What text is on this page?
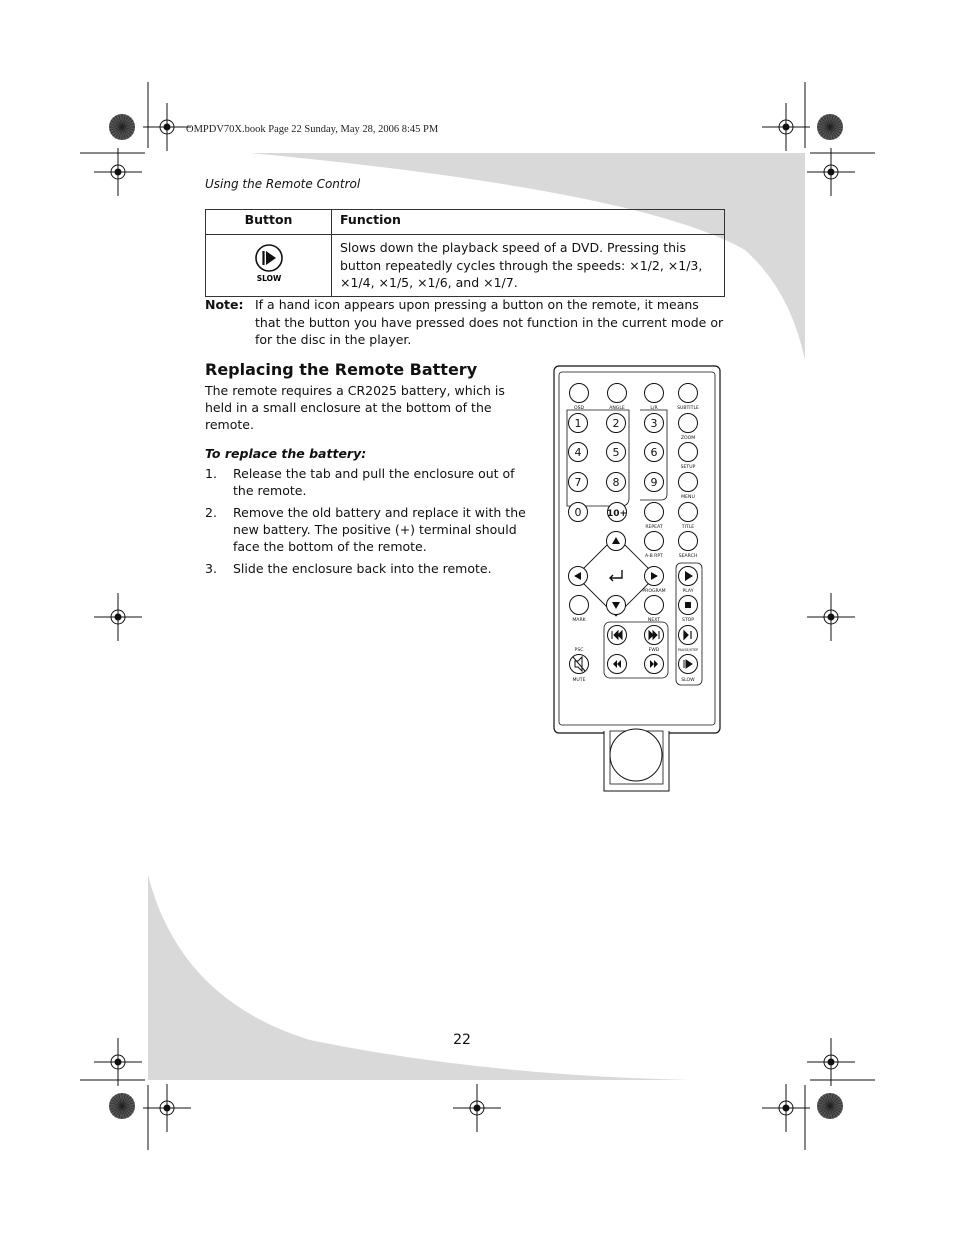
OMPDV70X.book Page 22 Sunday, May 28, 2006 8:45 PM
Using the Remote Control
Button	Function

SLOW	Slows down the playback speed of a DVD. Pressing this button repeatedly cycles through the speeds: ×1/2, ×1/3, ×1/4, ×1/5, ×1/6, and ×1/7.
Note: If a hand icon appears upon pressing a button on the remote, it means that the button you have pressed does not function in the current mode or for the disc in the player.
Replacing the Remote Battery
The remote requires a CR2025 battery, which is held in a small enclosure at the bottom of the remote.
To replace the battery:
1. Release the tab and pull the enclosure out of the remote.
2. Remove the old battery and replace it with the new battery. The positive (+) terminal should face the bottom of the remote.
3. Slide the enclosure back into the remote.
OSD	ANGLE	L/R	SUBTITLE
1	2	3
4	5	6
7	8	9
0	10+
ZOOM
SETUP
MENU
REPEAT	TITLE
A-B RPT	SEARCH
PROGRAM	PLAY
MARK	NEXT	STOP
PSC	FWD	PAUSE/STEP
MUTE	SLOW
22
